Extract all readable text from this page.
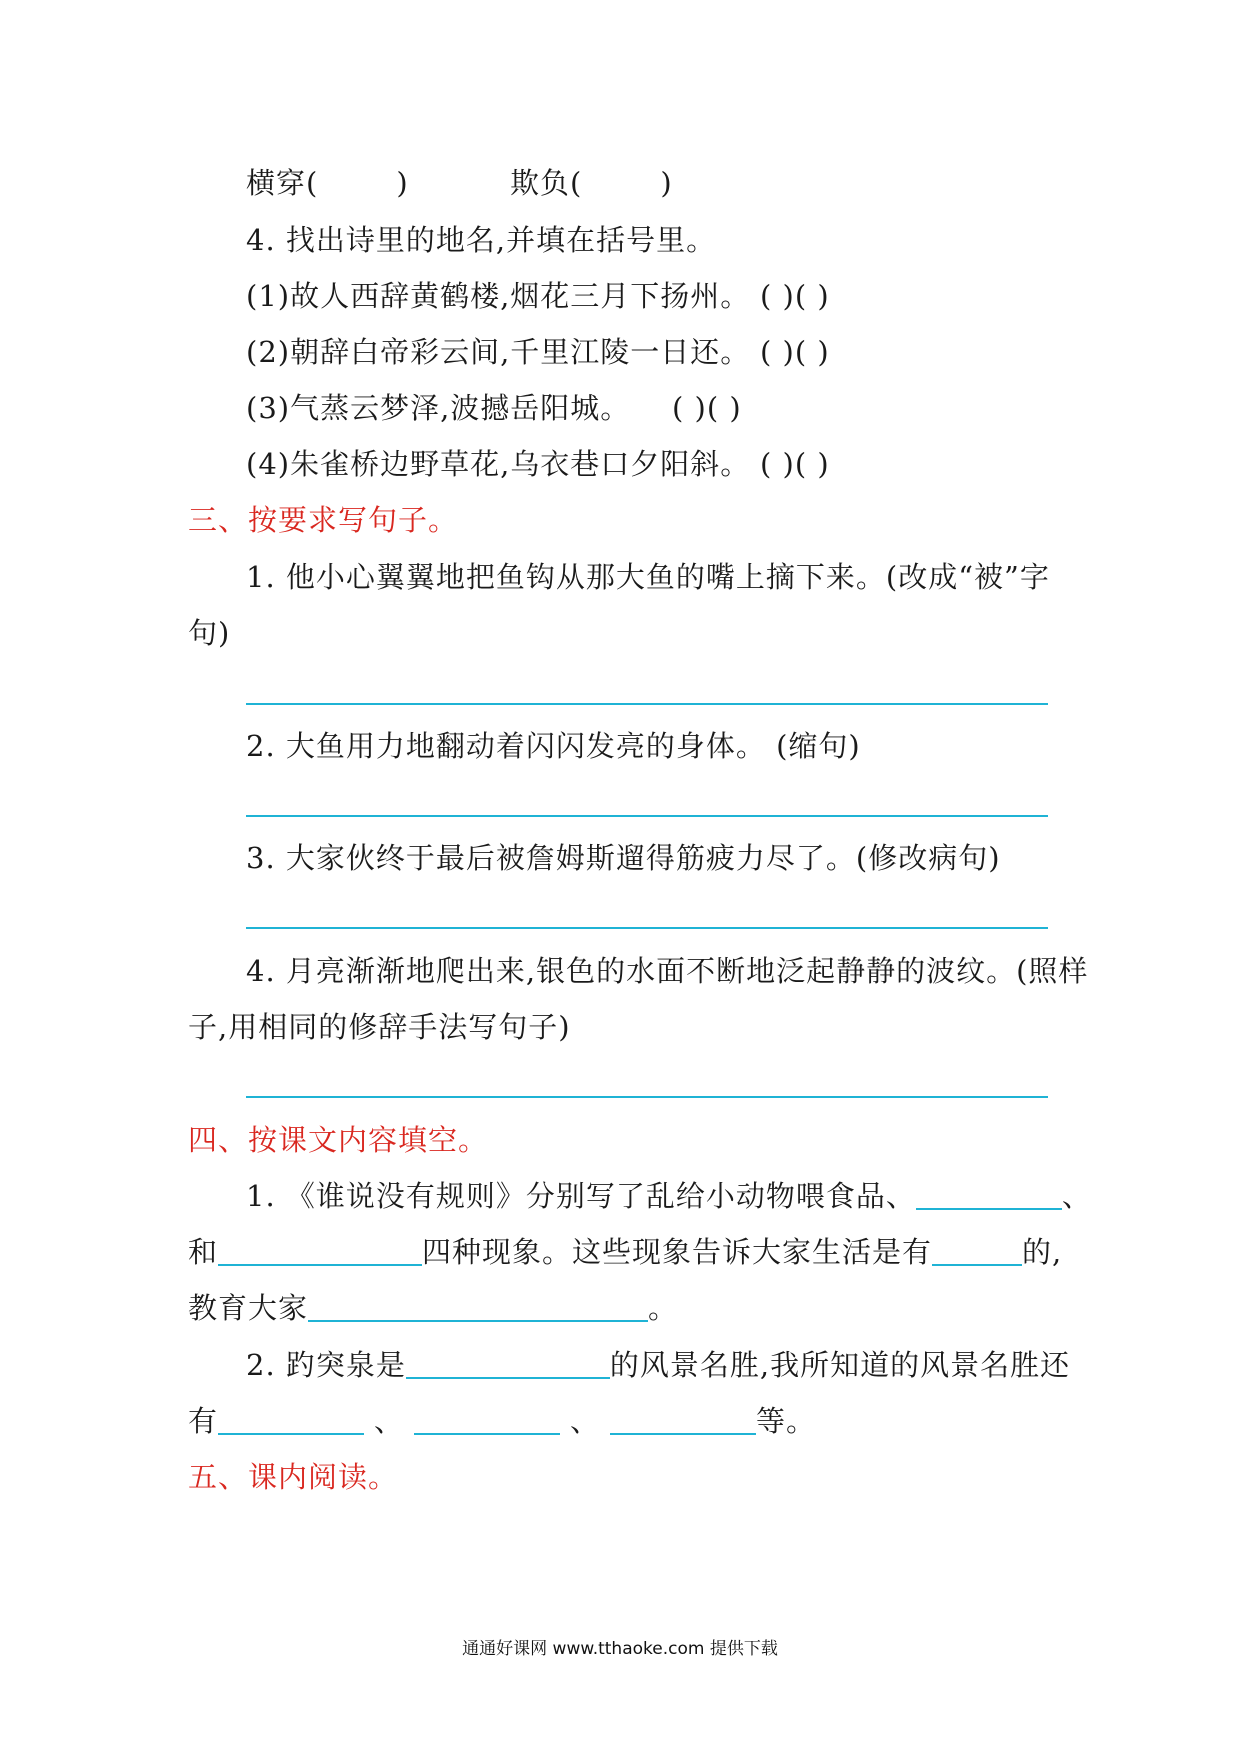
横穿(	)	欺负(	)
4. 找出诗里的地名,并填在括号里。
(1)故人西辞黄鹤楼,烟花三月下扬州。 ( )( )
(2)朝辞白帝彩云间,千里江陵一日还。 ( )( )
(3)气蒸云梦泽,波撼岳阳城。 ( )( )
(4)朱雀桥边野草花,乌衣巷口夕阳斜。 ( )( )
三、按要求写句子。
1. 他小心翼翼地把鱼钩从那大鱼的嘴上摘下来。(改成“被”字
句)
2. 大鱼用力地翻动着闪闪发亮的身体。 (缩句)
3. 大家伙终于最后被詹姆斯遛得筋疲力尽了。(修改病句)
4. 月亮渐渐地爬出来,银色的水面不断地泛起静静的波纹。(照样
子,用相同的修辞手法写句子)
四、按课文内容填空。
1. 《谁说没有规则》分别写了乱给小动物喂食品、	、
和	四种现象。这些现象告诉大家生活是有	的,
教育大家	。
2. 趵突泉是	的风景名胜,我所知道的风景名胜还
有	、	、	等。
五、课内阅读。
通通好课网 www.tthaoke.com 提供下载
